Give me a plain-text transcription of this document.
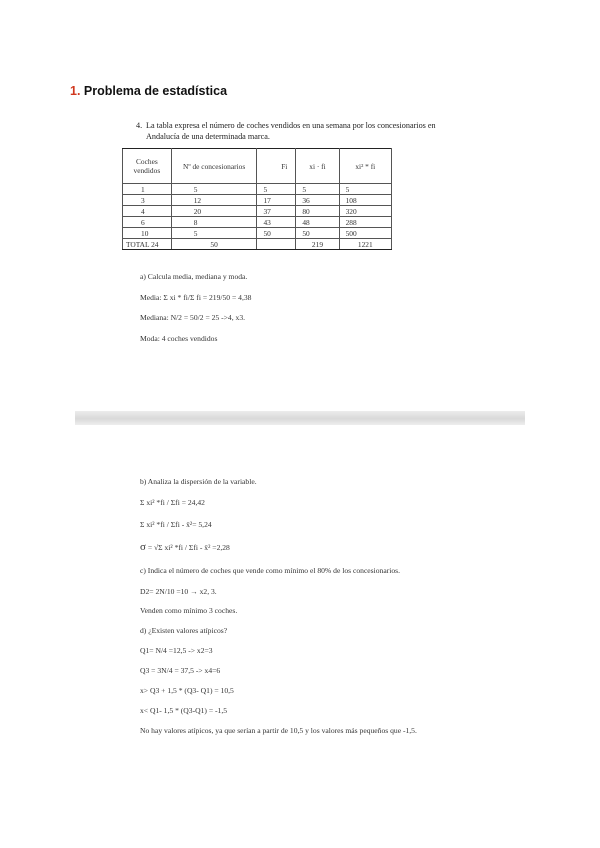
1. Problema de estadística
4. La tabla expresa el número de coches vendidos en una semana por los concesionarios en
Andalucía de una determinada marca.
Coches vendidos	Nº de concesionarios	Fi	xi · fi	xi² * fi
1	5	5	5	5
3	12	17	36	108
4	20	37	80	320
6	8	43	48	288
10	5	50	50	500
TOTAL 24	50		219	1221
a) Calcula media, mediana y moda.
Media: Σ xi * fi/Σ fi = 219/50 = 4,38
Mediana: N/2 = 50/2 = 25 ->4, x3.
Moda: 4 coches vendidos
b) Analiza la dispersión de la variable.
Σ xi² *fi / Σfi = 24,42
Σ xi² *fi / Σfi - x̄²= 5,24
σ = √Σ xi² *fi / Σfi - x̄² =2,28
c) Indica el número de coches que vende como mínimo el 80% de los concesionarios.
D2= 2N/10 =10 → x2, 3.
Venden como mínimo 3 coches.
d) ¿Existen valores atípicos?
Q1= N/4 =12,5 -> x2=3
Q3 = 3N/4 = 37,5 -> x4=6
x> Q3 + 1,5 * (Q3- Q1) = 10,5
x< Q1- 1,5 * (Q3-Q1) = -1,5
No hay valores atípicos, ya que serían a partir de 10,5 y los valores más pequeños que -1,5.
